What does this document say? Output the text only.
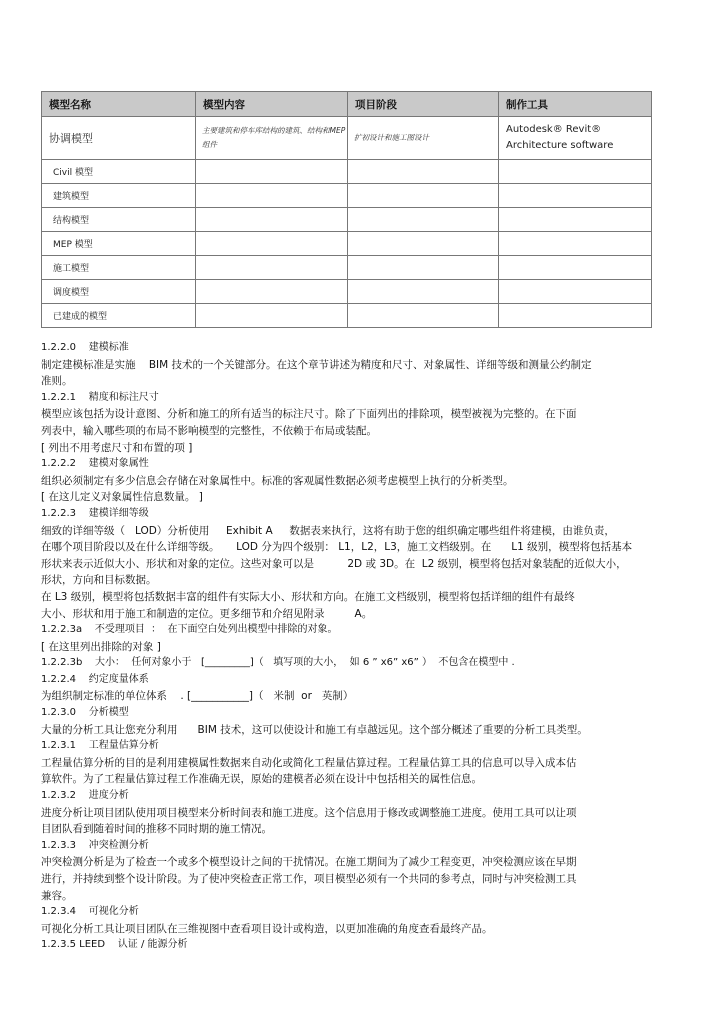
模型名称	模型内容	项目阶段	制作工具
协调模型	主要建筑和停车库结构的建筑、结构和MEP组件	扩初设计和施工图设计	Autodesk® Revit® Architecture software
Civil 模型			
建筑模型			
结构模型			
MEP 模型			
施工模型			
调度模型			
已建成的模型			
1.2.2.0    建模标准
制定建模标准是实施    BIM 技术的一个关键部分。在这个章节讲述为精度和尺寸、对象属性、详细等级和测量公约制定
准则。
1.2.2.1    精度和标注尺寸
模型应该包括为设计意图、分析和施工的所有适当的标注尺寸。除了下面列出的排除项，模型被视为完整的。在下面
列表中，输入哪些项的布局不影响模型的完整性，不依赖于布局或装配。
[ 列出不用考虑尺寸和布置的项 ]
1.2.2.2    建模对象属性
组织必须制定有多少信息会存储在对象属性中。标准的客观属性数据必须考虑模型上执行的分析类型。
[ 在这儿定义对象属性信息数量。 ]
1.2.2.3    建模详细等级
细致的详细等级（   LOD）分析使用     Exhibit A     数据表来执行，这将有助于您的组织确定哪些组件将建模，由谁负责，
在哪个项目阶段以及在什么详细等级。     LOD 分为四个级别： L1，L2，L3，施工文档级别。在      L1 级别，模型将包括基本
形状来表示近似大小、形状和对象的定位。这些对象可以是          2D 或 3D。在  L2 级别，模型将包括对象装配的近似大小，
形状，方向和目标数据。
在 L3 级别，模型将包括数据丰富的组件有实际大小、形状和方向。在施工文档级别，模型将包括详细的组件有最终
大小、形状和用于施工和制造的定位。更多细节和介绍见附录         A。
1.2.2.3a    不受理项目  ：  在下面空白处列出模型中排除的对象。
[ 在这里列出排除的对象 ]
1.2.2.3b    大小：  任何对象小于   [_________]（   填写项的大小，  如 6 ” x6” x6” ）  不包含在模型中 .
1.2.2.4    约定度量体系
为组织制定标准的单位体系    . [___________]（   米制  or   英制）
1.2.3.0    分析模型
大量的分析工具让您充分利用      BIM 技术，这可以使设计和施工有卓越远见。这个部分概述了重要的分析工具类型。
1.2.3.1    工程量估算分析
工程量估算分析的目的是利用建模属性数据来自动化或简化工程量估算过程。工程量估算工具的信息可以导入成本估
算软件。为了工程量估算过程工作准确无误，原始的建模者必须在设计中包括相关的属性信息。
1.2.3.2    进度分析
进度分析让项目团队使用项目模型来分析时间表和施工进度。这个信息用于修改或调整施工进度。使用工具可以让项
目团队看到随着时间的推移不同时期的施工情况。
1.2.3.3    冲突检测分析
冲突检测分析是为了检查一个或多个模型设计之间的干扰情况。在施工期间为了减少工程变更，冲突检测应该在早期
进行，并持续到整个设计阶段。为了使冲突检查正常工作，项目模型必须有一个共同的参考点，同时与冲突检测工具
兼容。
1.2.3.4    可视化分析
可视化分析工具让项目团队在三维视图中查看项目设计或构造，以更加准确的角度查看最终产品。
1.2.3.5 LEED    认证 / 能源分析
